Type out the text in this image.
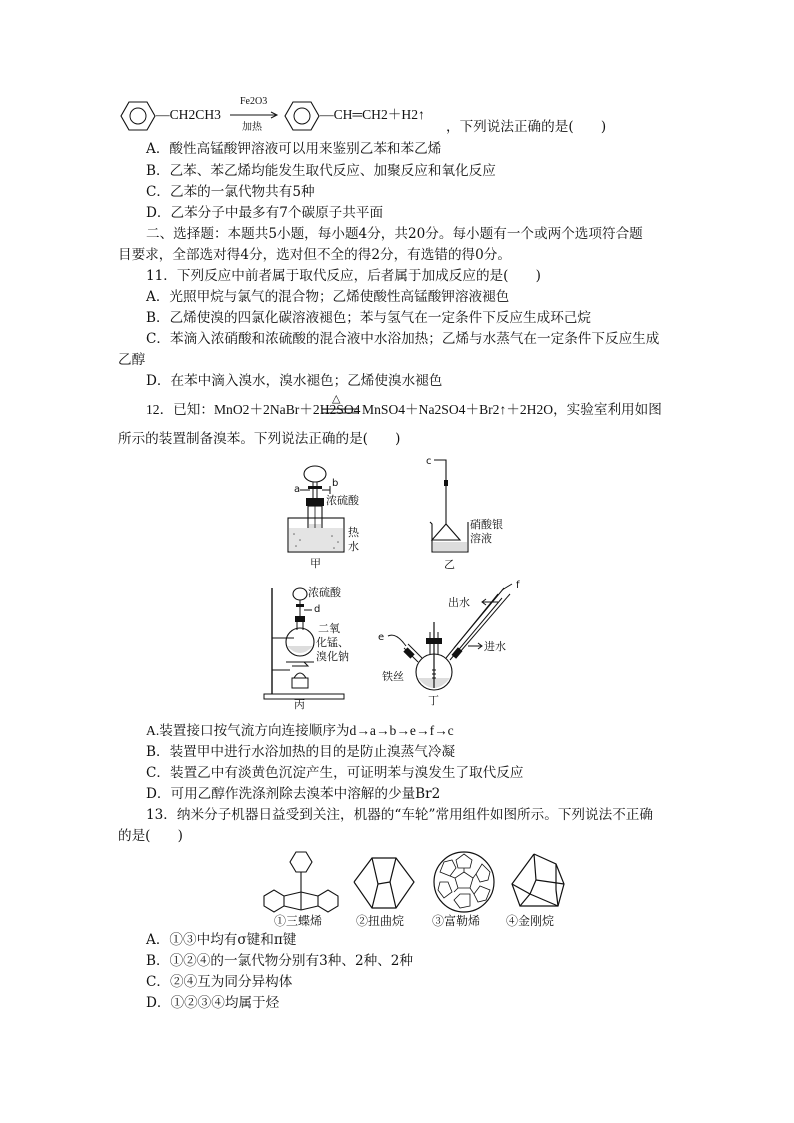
—CH2CH3
Fe2O3
加热
—CH═CH2＋H2↑
，下列说法正确的是(　　)
A．酸性高锰酸钾溶液可以用来鉴别乙苯和苯乙烯
B．乙苯、苯乙烯均能发生取代反应、加聚反应和氧化反应
C．乙苯的一氯代物共有5种
D．乙苯分子中最多有7个碳原子共平面
二、选择题：本题共5小题，每小题4分，共20分。每小题有一个或两个选项符合题
目要求，全部选对得4分，选对但不全的得2分，有选错的得0分。
11．下列反应中前者属于取代反应，后者属于加成反应的是(　　)
A．光照甲烷与氯气的混合物；乙烯使酸性高锰酸钾溶液褪色
B．乙烯使溴的四氯化碳溶液褪色；苯与氢气在一定条件下反应生成环己烷
C．苯滴入浓硝酸和浓硫酸的混合液中水浴加热；乙烯与水蒸气在一定条件下反应生成
乙醇
D．在苯中滴入溴水，溴水褪色；乙烯使溴水褪色
12．已知：MnO2＋2NaBr＋2H2SO4
△
MnSO4＋Na2SO4＋Br2↑＋2H2O，实验室利用如图
所示的装置制备溴苯。下列说法正确的是(　　)
a
b
浓硫酸
热
水
甲
c
硝酸银
溶液
乙
浓硫酸
d
二氧
化锰、
溴化钠
丙
f
e
出水
进水
铁丝
丁
A.装置接口按气流方向连接顺序为d→a→b→e→f→c
B．装置甲中进行水浴加热的目的是防止溴蒸气冷凝
C．装置乙中有淡黄色沉淀产生，可证明苯与溴发生了取代反应
D．可用乙醇作洗涤剂除去溴苯中溶解的少量Br2
13．纳米分子机器日益受到关注，机器的“车轮”常用组件如图所示。下列说法不正确
的是(　　)
①三蝶烯	②扭曲烷 ③富勒烯 ④金刚烷
A．①③中均有σ键和π键
B．①②④的一氯代物分别有3种、2种、2种
C．②④互为同分异构体
D．①②③④均属于烃
